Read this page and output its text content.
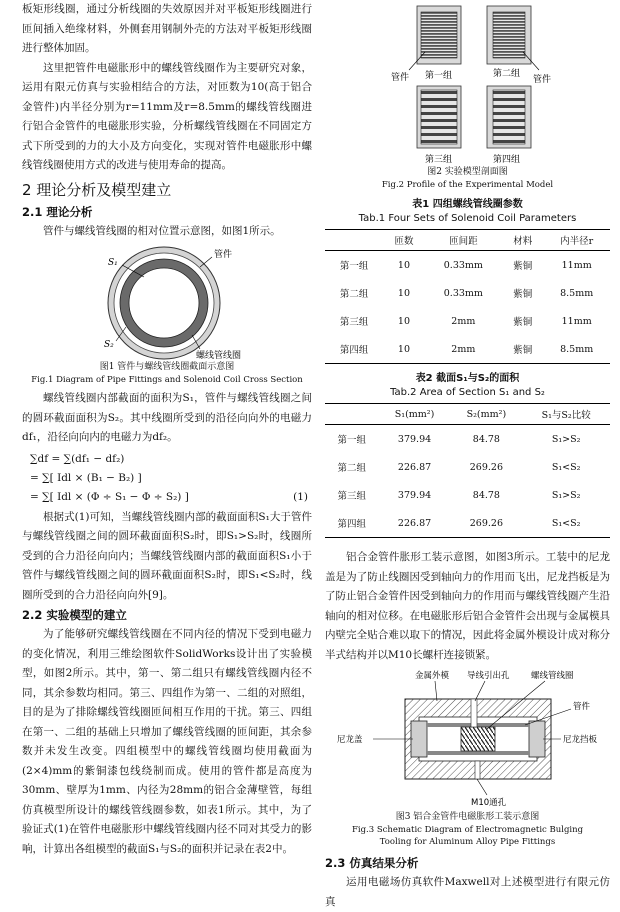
板矩形线圈，通过分析线圈的失效原因并对平板矩形线圈进行匝间插入绝缘材料，外侧套用钢制外壳的方法对平板矩形线圈进行整体加固。

这里把管件电磁胀形中的螺线管线圈作为主要研究对象，运用有限元仿真与实验相结合的方法，对匝数为10(高于铝合金管件)内半径分别为r=11mm及r=8.5mm的螺线管线圈进行铝合金管件的电磁胀形实验，分析螺线管线圈在不同固定方式下所受到的力的大小及方向变化，实现对管件电磁胀形中螺线管线圈使用方式的改进与使用寿命的提高。

2 理论分析及模型建立
2.1 理论分析

管件与螺线管线圈的相对位置示意图，如图1所示。

S₁
管件
S₂
螺线管线圈
图1 管件与螺线管线圈截面示意图
Fig.1 Diagram of Pipe Fittings and Solenoid Coil Cross Section

螺线管线圈内部截面的面积为S₁，管件与螺线管线圈之间的圆环截面面积为S₂。其中线圈所受到的沿径向向外的电磁力df₁，沿径向向内的电磁力为df₂。

∑df = ∑(df₁ − df₂)
= ∑[ Idl × (B₁ − B₂) ]
= ∑[ Idl × (Φ ÷ S₁ − Φ ÷ S₂) ]	(1)

根据式(1)可知，当螺线管线圈内部的截面面积S₁大于管件与螺线管线圈之间的圆环截面面积S₂时，即S₁>S₂时，线圈所受到的合力沿径向向内；当螺线管线圈内部的截面面积S₁小于管件与螺线管线圈之间的圆环截面面积S₂时，即S₁<S₂时，线圈所受到的合力沿径向向外[9]。

2.2 实验模型的建立

为了能够研究螺线管线圈在不同内径的情况下受到电磁力的变化情况，利用三维绘图软件SolidWorks设计出了实验模型，如图2所示。其中，第一、第二组只有螺线管线圈内径不同，其余参数均相同。第三、四组作为第一、二组的对照组，目的是为了排除螺线管线圈匝间相互作用的干扰。第三、四组在第一、二组的基础上只增加了螺线管线圈的匝间距，其余参数并未发生改变。四组模型中的螺线管线圈均使用截面为(2×4)mm的紫铜漆包线绕制而成。使用的管件都是高度为30mm、壁厚为1mm、内径为28mm的铝合金薄壁管，每组仿真模型所设计的螺线管线圈参数，如表1所示。其中，为了验证式(1)在管件电磁胀形中螺线管线圈内径不同对其受力的影响，计算出各组模型的截面S₁与S₂的面积并记录在表2中。

管件 第一组	第二组
管件
第三组	第四组
图2 实验模型剖面图
Fig.2 Profile of the Experimental Model
表1 四组螺线管线圈参数
Tab.1 Four Sets of Solenoid Coil Parameters
	匝数	匝间距	材料	内半径r
第一组	10	0.33mm	紫铜	11mm
第二组	10	0.33mm	紫铜	8.5mm
第三组	10	2mm	紫铜	11mm
第四组	10	2mm	紫铜	8.5mm
表2 截面S₁与S₂的面积
Tab.2 Area of Section S₁ and S₂
	S₁(mm²)	S₂(mm²)	S₁与S₂比较
第一组	379.94	84.78	S₁>S₂
第二组	226.87	269.26	S₁<S₂
第三组	379.94	84.78	S₁>S₂
第四组	226.87	269.26	S₁<S₂

铝合金管件胀形工装示意图，如图3所示。工装中的尼龙盖是为了防止线圈因受到轴向力的作用而飞出，尼龙挡板是为了防止铝合金管件因受到轴向力的作用而与螺线管线圈产生沿轴向的相对位移。在电磁胀形后铝合金管件会出现与金属模具内壁完全贴合难以取下的情况，因此将金属外模设计成对称分半式结构并以M10长螺杆连接锁紧。

金属外模 导线引出孔	螺线管线圈
管件
尼龙盖	尼龙挡板
M10通孔
图3 铝合金管件电磁胀形工装示意图
Fig.3 Schematic Diagram of Electromagnetic Bulging
Tooling for Aluminum Alloy Pipe Fittings
2.3 仿真结果分析

运用电磁场仿真软件Maxwell对上述模型进行有限元仿真
